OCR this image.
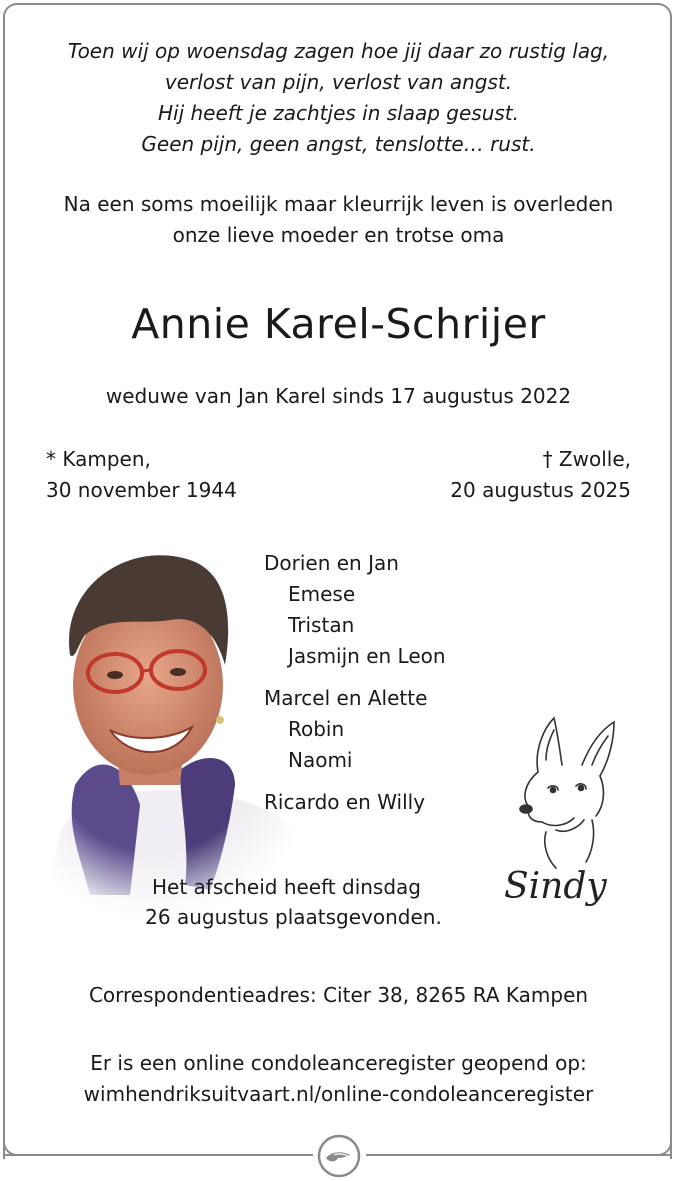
Toen wij op woensdag zagen hoe jij daar zo rustig lag,
verlost van pijn, verlost van angst.
Hij heeft je zachtjes in slaap gesust.
Geen pijn, geen angst, tenslotte… rust.
Na een soms moeilijk maar kleurrijk leven is overleden
onze lieve moeder en trotse oma
Annie Karel-Schrijer
weduwe van Jan Karel sinds 17 augustus 2022
* Kampen,
30 november 1944
† Zwolle,
20 augustus 2025
Dorien en Jan
Emese
Tristan
Jasmijn en Leon
Marcel en Alette
Robin
Naomi
Ricardo en Willy
Sindy
Het afscheid heeft dinsdag
26 augustus plaatsgevonden.
Correspondentieadres: Citer 38, 8265 RA Kampen
Er is een online condoleanceregister geopend op:
wimhendriksuitvaart.nl/online-condoleanceregister
